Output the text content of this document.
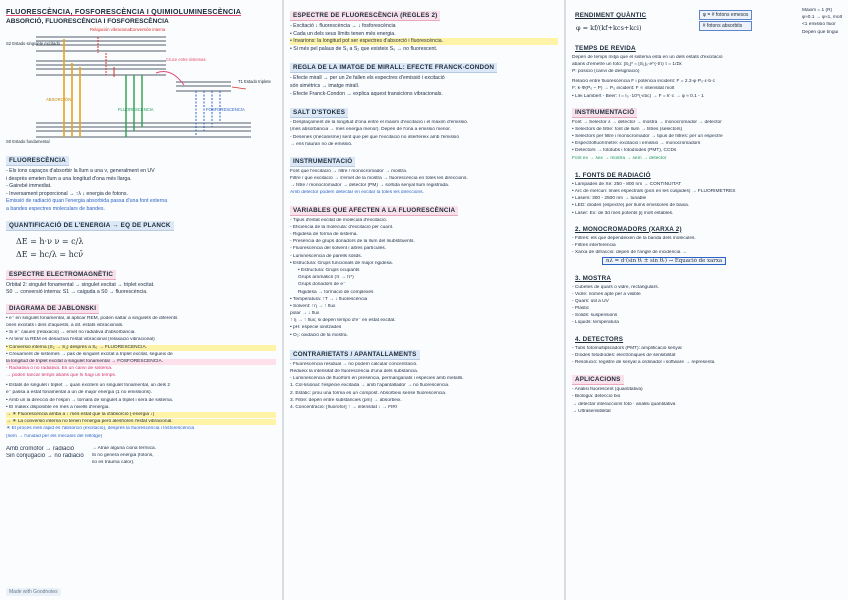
FLUORESCÈNCIA, FOSFORESCÈNCIA I QUIMIOLUMINESCÈNCIA
ABSORCIÓ, FLUORESCÈNCIA I FOSFORESCÈNCIA
S2 Estado singulete excitado
T1 Estado triplete
S0 Estado fundamental
ABSORCIÓN
FLUORESCENCIA	FOSFORESCENCIA
Relajación vibracional Conversión interna
Cruce entre sistemas
FLUORESCÈNCIA
- Els ions capaços d'absorbir la llum a una ν, generalment en UV
i desprès emeten llum a una longitud d'ona més llarga.
- Gairebé immediat.
- Inversament proporcional → ↑λ ↓ energia de fotons.
Emissió de radiació quan l'energia absorbida passa d'una font externa
a bandes espectres moleculars de bandes.
QUANTIFICACIÓ DE L'ENERGIA → EQ DE PLANCK
ΔE = h·ν ν = c/λ
ΔE = hc/λ = hcν̄
ESPECTRE ELECTROMAGNÈTIC
Orbital 2: singulet fonamental → singulet excitat → triplet excitat.
S0 → conversió interna: S1 → caiguda a S0 → fluorescència.
DIAGRAMA DE JABLONSKI
• e⁻ en singulet fonamental, al aplicar REM, poden saltar a singulets de diferents
ones excitats i dins d'aquests, a dif. estats vibracionals.
• Si e⁻ caiuen (relaxació) → emet no radiativa d'absorbància.
• Al tenir la REM es desactiva l'estat vibracional (relaxació vibracional)
• Conversió interna (S₂ → S₁) després a S₀ → FLUORESCÈNCIA.
• Creuament de sistemes → pas de singulet excitat a triplet excitat, segueix de
la longitud de triplet excitat a singulet fonamental → FOSFORESCÈNCIA.
- Radiativa o no radiativa. És un canvi de sistema.
→ poden tancar temps abans que hi hagi un temps.
• Estats de singulet i triplet → quan excitem un singulet fonamental, un dels 2
e⁻ passa a estat fonamental a un de major energia (1 no emissions).
• Amb un la direcció de l'espín → tornarà de singulet a triplet i serà de sistema.
• El mateix disponible en més a nivells d'energia.
→ ☀ Fluorescència arriba a ↓ més estat que la d'absorció (-energia ↓)
→ ☀ La conversió interna no tenen l'energia però aleshores l'estat vibracional.
☀ El procés més ràpid és l'absorció (excitació), després la fluorescència i fosforescència
(nem → l'unidad per els mecanis del rellotge)
Amb cromòfor → radiació
Sin conjugació → no radiació
→ Atrae alguna ciona térmica.
Si no genera energia (fotons,
no es trauma calor).
Made with Goodnotes
ESPECTRE DE FLUORESCÈNCIA (REGLES 2)
- Excitació ↓ fluorescència → ↓ fosforescència
• Cada un dels seus límits tenen més energia.
• Invarions: la longitud pot ser espectres d'absorció i fluorescència.
• Si més pel palaus de S₁ a S₂ que existeix S₀ → no fluorescent.
REGLA DE LA IMATGE DE MIRALL: EFECTE FRANCK-CONDON
- Efecte mirall → per un 2e fallen els espectres d'emissió i excitació
són simètrics → imatge mirall.
- Efecte Franck-Condon → explica aquest transicions vibracionals.
SALT D'STOKES
- Desplaçament de la longitud d'ona entre el màxim d'excitació i el màxim d'emissió.
(més absorbància → més energia menor). Depèn de l'ona a emissió menor.
- Desenes (mecanisme) sent que pel que l'excitació no interfereix amb l'emissió
→ ens hauran no de emissió.
INSTRUMENTACIÓ
Font que l'excitació → filtre / monocromador → mostra.
Filtre / que excitació → s'emet de la mostra → fluorescència en totes les direccions.
→ filtre / monocromador → detector (PM) → sortida senyal llum registrada.
Amb detector podem detectar en excitar la totes les direccions.
VARIABLES QUE AFECTEN A LA FLUORESCÈNCIA
- Tipus d'estat excitat de molècula d'excitació.
- Eficiència de la molècula: d'excitació per cuant.
- Rigidesa de forma de sistema.
- Presència de grups donadors de la llum del Isubstituents.
- Fluorescència del solvent i altres partícules.
- Luminescència de parells sòlids.
• Estructura: Grups funcionals de major rigidesa.
• Estructura: Grups ocupants
Grups aromàtics (π → π*)
Grups donadors de e⁻
Rigidesa → formació de complexes
• Temperatura: ↑T → ↓ fluorescència
• Solvent: ↑η → ↑ flux
polar → ↓ flux
↑ η → ↑ flux; si depèn tempo d'e⁻ en estat excitat.
• pH: espècie ionitzades
• O₂: oxidació de la mostra.
CONTRARIETATS / APANTALLAMENTS
- Fluorescència residual → no podem calcular concentració.
Redueix la intensitat de fluorescència d'una dels substància.
- Luminescència de fluorfors en presència, permanganats i espècies amb metalls.
1. Col·lisional: l'espècie excitada → amb l'apantallador → no fluorescència.
2. Estàtic: prou una forma es un compost. Absorbeix sense fluorescència.
3. Filtre: depèn entre substàncies (pm) → absorbeix.
4. Concentració: [fluorofor] ↑ → intensitat ↓ → FIR!
RENDIMENT QUÀNTIC
φ = kf/(kf+kcs+kci)
φ = # fotons emesos
# fotons absorbits
Màxim = 1 (R)
φ≈0.1 → φ≈1, molt
<1 emissió fluor
Depèn que tingui
TEMPS DE REVIDA
Depèn de temps mitjà que el sistema està en un dels estats d'excitació
abans d'emetre un foto: [S₁]* = [S₁]₀·e^(-t/τ) τ = 1/Σk
P: posició (canvi de designació)
Relació entre fluorescència F i potència incident: F = 2.3·φ·P₀·ε·b·c
F: k·Φ(P₀ − P) → P₀ incident: F ∝ intensitat molt
• Llei Lambert - Beer: I = I₀ ·10^(-εbc) → F = k'·c → φ ≈ 0.1 - 1
INSTRUMENTACIÓ
Font → Selector λ → detector → mostra → monocromador → detector
• Selectors de filtre: font de llum → filtres (selectors)
• Selectors per filtre i monocromador → tipus de filtres: per un espectre
• Espectrofluorímetre: excitació i emissió → monocromadors
• Detectors → fototubs i fotodíodes (PMT), CCDs
Font ex → λex → mostra → λem → detector
1. FONTS DE RADIACIÓ
• Làmpades de Xe: 250 - 800 nm → CONTINUÏTAT
• Arc de mercuri: línies espectrals (pics en les cúspides) → FLUORÍMETRES
• Làsers: 300 - 2500 nm → tunable
• LED: díodes (espectre) per llums emissores de baixa.
• Laser: Ex: de 3d més potents [i] molt estables.
2. MONOCROMADORS (XARXA 2)
- Filtres: els que dependeixen de la banda dels molècules.
- Filtres interferència
- Xarxa de difracció: depèn de l'angle de incidència →
nλ = d·(sin θᵢ ± sin θᵣ) → Equació de xarxa
3. MOSTRA
- Cubetes de quars o vidre, rectangulars.
- Vidre: només apte per a visible
- Quars: útil a UV
- Plàstic
- Sòlids: suspensions
- Líquids: temperatura
4. DETECTORS
- Tubs fotomultiplicadors (PMT): amplificació senyal
- Díodes fotodíodes: electròniques de sensibilitat
- Resolució: registre de senyal a ordinador i software → representa
APLICACIONS
- Anàlisi fluorescent (quantitativa)
- Biologia: detecció bio
→ detectar interaccions fotó · anàlisi quantitativa
→ Ultrasensibilitat
